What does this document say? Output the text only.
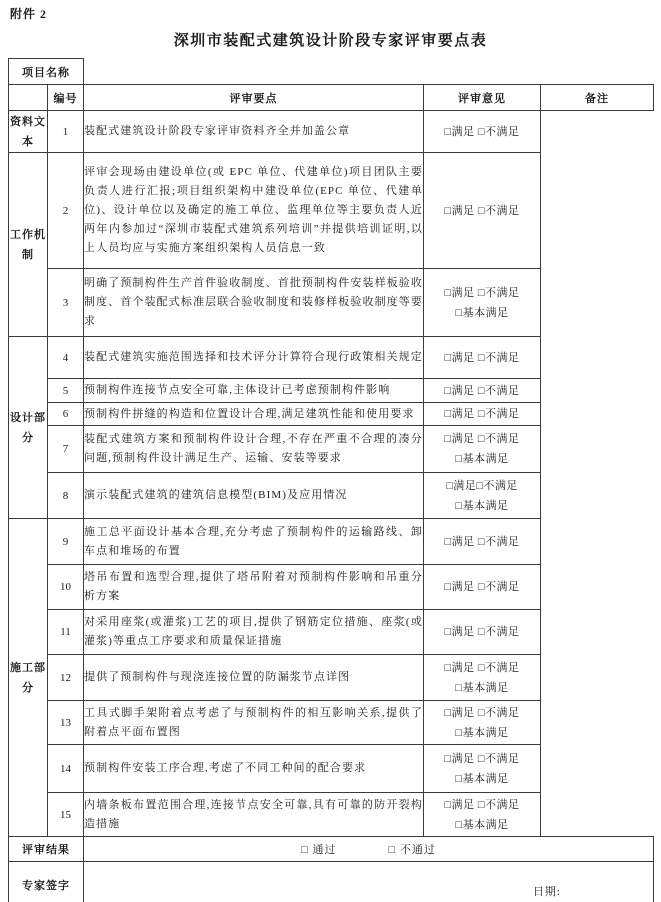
附件 2
深圳市装配式建筑设计阶段专家评审要点表
项目名称			
	编号	评审要点	评审意见	备注
资料文本	1	装配式建筑设计阶段专家评审资料齐全并加盖公章	□满足 □不满足	

工作机制	2	评审会现场由建设单位(或 EPC 单位、代建单位)项目团队主要负责人进行汇报;项目组织架构中建设单位(EPC 单位、代建单位)、设计单位以及确定的施工单位、监理单位等主要负责人近两年内参加过“深圳市装配式建筑系列培训”并提供培训证明,以上人员均应与实施方案组织架构人员信息一致	□满足 □不满足	

	3	明确了预制构件生产首件验收制度、首批预制构件安装样板验收制度、首个装配式标准层联合验收制度和装修样板验收制度等要求	□满足 □不满足
□基本满足	

设计部分	4	装配式建筑实施范围选择和技术评分计算符合现行政策相关规定	□满足 □不满足	

	5	预制构件连接节点安全可靠,主体设计已考虑预制构件影响	□满足 □不满足	

	6	预制构件拼缝的构造和位置设计合理,满足建筑性能和使用要求	□满足 □不满足	

	7	装配式建筑方案和预制构件设计合理,不存在严重不合理的凑分问题,预制构件设计满足生产、运输、安装等要求	□满足 □不满足
□基本满足	

	8	演示装配式建筑的建筑信息模型(BIM)及应用情况	□满足□不满足
□基本满足	

施工部分	9	施工总平面设计基本合理,充分考虑了预制构件的运输路线、卸车点和堆场的布置	□满足 □不满足	

	10	塔吊布置和选型合理,提供了塔吊附着对预制构件影响和吊重分析方案	□满足 □不满足	

	11	对采用座浆(或灌浆)工艺的项目,提供了钢筋定位措施、座浆(或灌浆)等重点工序要求和质量保证措施	□满足 □不满足	

	12	提供了预制构件与现浇连接位置的防漏浆节点详图	□满足 □不满足
□基本满足	

	13	工具式脚手架附着点考虑了与预制构件的相互影响关系,提供了附着点平面布置图	□满足 □不满足
□基本满足	

	14	预制构件安装工序合理,考虑了不同工种间的配合要求	□满足 □不满足
□基本满足	

	15	内墙条板布置范围合理,连接节点安全可靠,具有可靠的防开裂构造措施	□满足 □不满足
□基本满足	

评审结果		□ 通过 □ 不通过		
专家签字		日期:		
